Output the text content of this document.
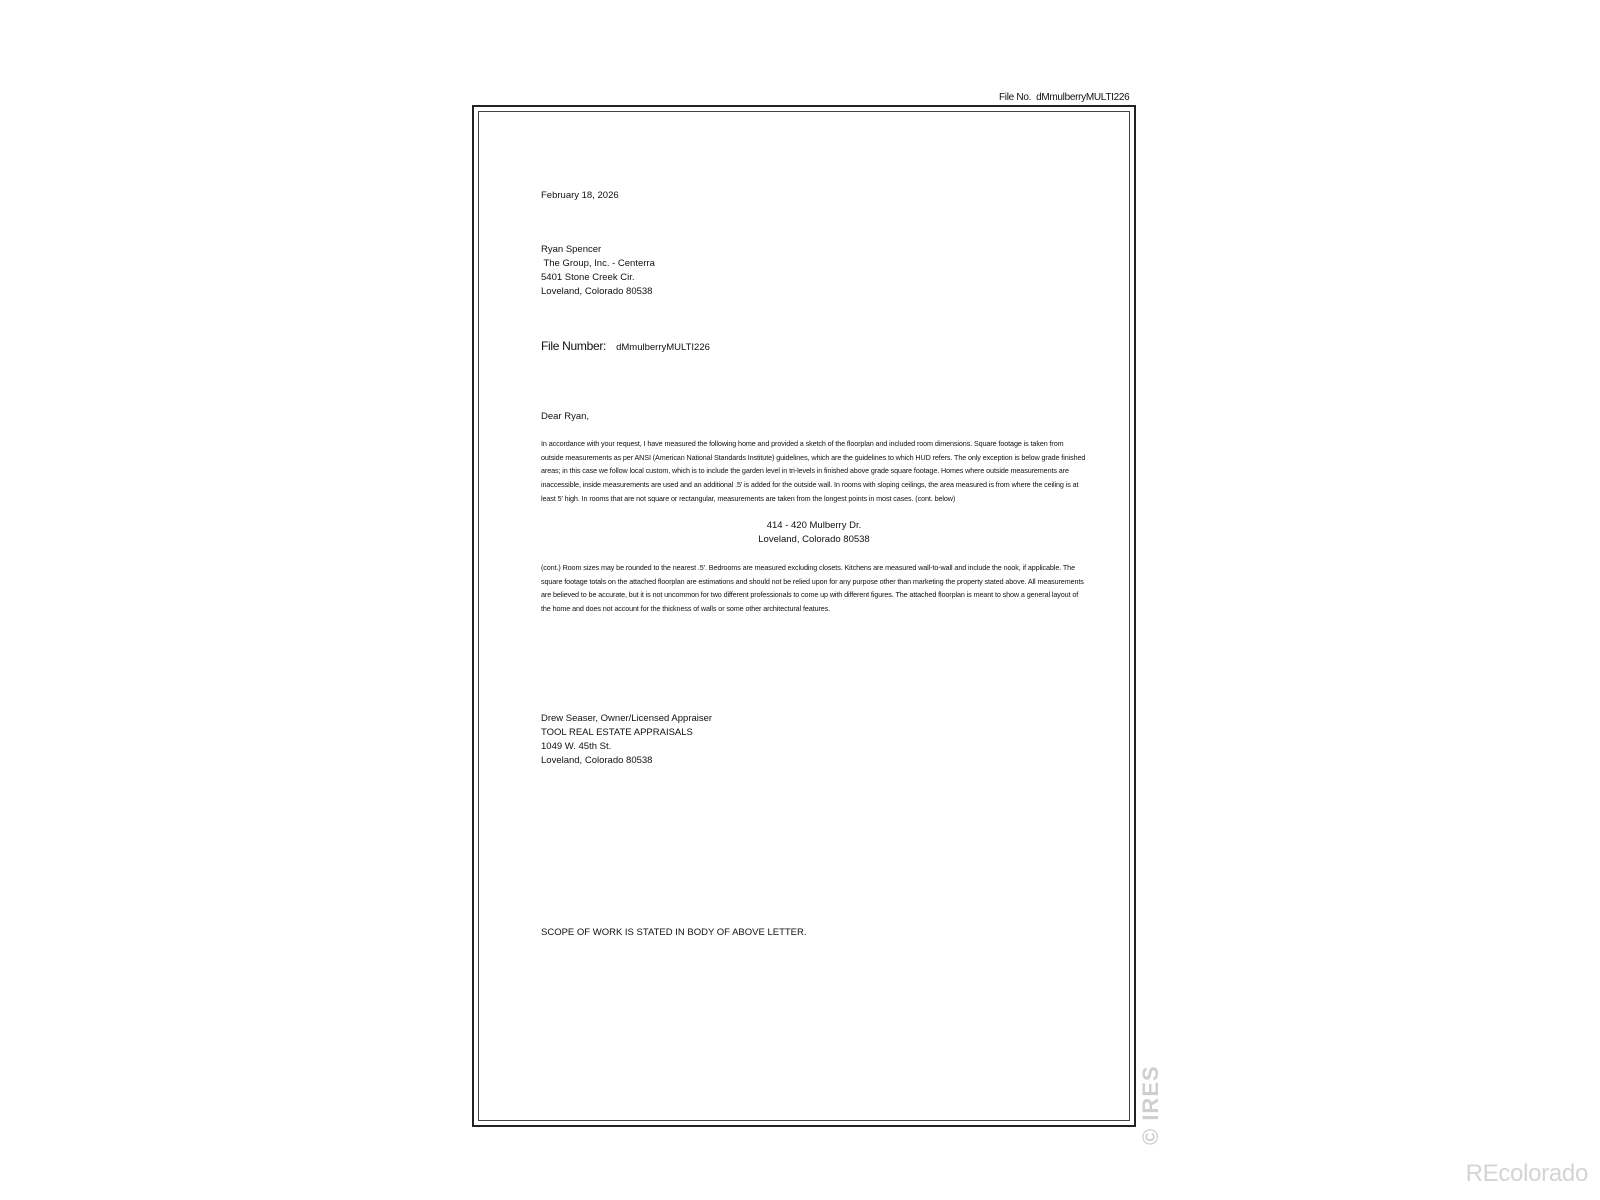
File No. dMmulberryMULTI226
February 18, 2026
Ryan Spencer
The Group, Inc. - Centerra
5401 Stone Creek Cir.
Loveland, Colorado 80538
File Number: dMmulberryMULTI226
Dear Ryan,
In accordance with your request, I have measured the following home and provided a sketch of the floorplan and included room dimensions. Square footage is taken from outside measurements as per ANSI (American National Standards Institute) guidelines, which are the guidelines to which HUD refers. The only exception is below grade finished areas; in this case we follow local custom, which is to include the garden level in tri-levels in finished above grade square footage. Homes where outside measurements are inaccessible, inside measurements are used and an additional .5' is added for the outside wall. In rooms with sloping ceilings, the area measured is from where the ceiling is at least 5' high. In rooms that are not square or rectangular, measurements are taken from the longest points in most cases. (cont. below)
414 - 420 Mulberry Dr.
Loveland, Colorado 80538
(cont.) Room sizes may be rounded to the nearest .5'. Bedrooms are measured excluding closets. Kitchens are measured wall-to-wall and include the nook, if applicable. The square footage totals on the attached floorplan are estimations and should not be relied upon for any purpose other than marketing the property stated above. All measurements are believed to be accurate, but it is not uncommon for two different professionals to come up with different figures. The attached floorplan is meant to show a general layout of the home and does not account for the thickness of walls or some other architectural features.
Drew Seaser, Owner/Licensed Appraiser
TOOL REAL ESTATE APPRAISALS
1049 W. 45th St.
Loveland, Colorado 80538
SCOPE OF WORK IS STATED IN BODY OF ABOVE LETTER.
© IRES
REcolorado
